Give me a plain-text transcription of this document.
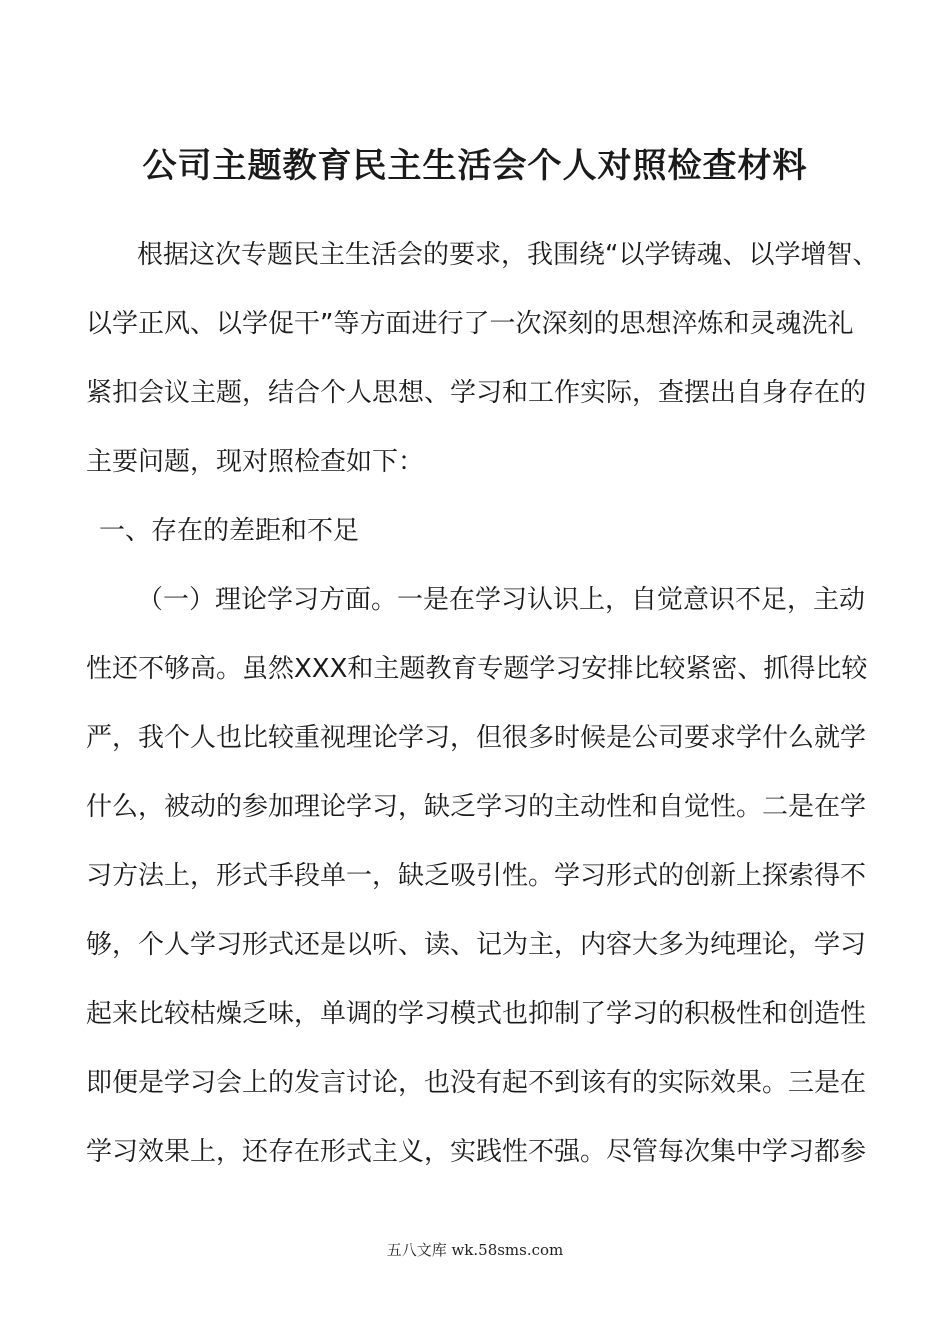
公司主题教育民主生活会个人对照检查材料
根据这次专题民主生活会的要求，我围绕“以学铸魂、以学增智、
以学正风、以学促干”等方面进行了一次深刻的思想淬炼和灵魂洗礼
紧扣会议主题，结合个人思想、学习和工作实际，查摆出自身存在的
主要问题，现对照检查如下：
一、存在的差距和不足
（一）理论学习方面。一是在学习认识上，自觉意识不足，主动
性还不够高。虽然XXX和主题教育专题学习安排比较紧密、抓得比较
严，我个人也比较重视理论学习，但很多时候是公司要求学什么就学
什么，被动的参加理论学习，缺乏学习的主动性和自觉性。二是在学
习方法上，形式手段单一，缺乏吸引性。学习形式的创新上探索得不
够，个人学习形式还是以听、读、记为主，内容大多为纯理论，学习
起来比较枯燥乏味，单调的学习模式也抑制了学习的积极性和创造性
即便是学习会上的发言讨论，也没有起不到该有的实际效果。三是在
学习效果上，还存在形式主义，实践性不强。尽管每次集中学习都参
五八文库 wk.58sms.com
